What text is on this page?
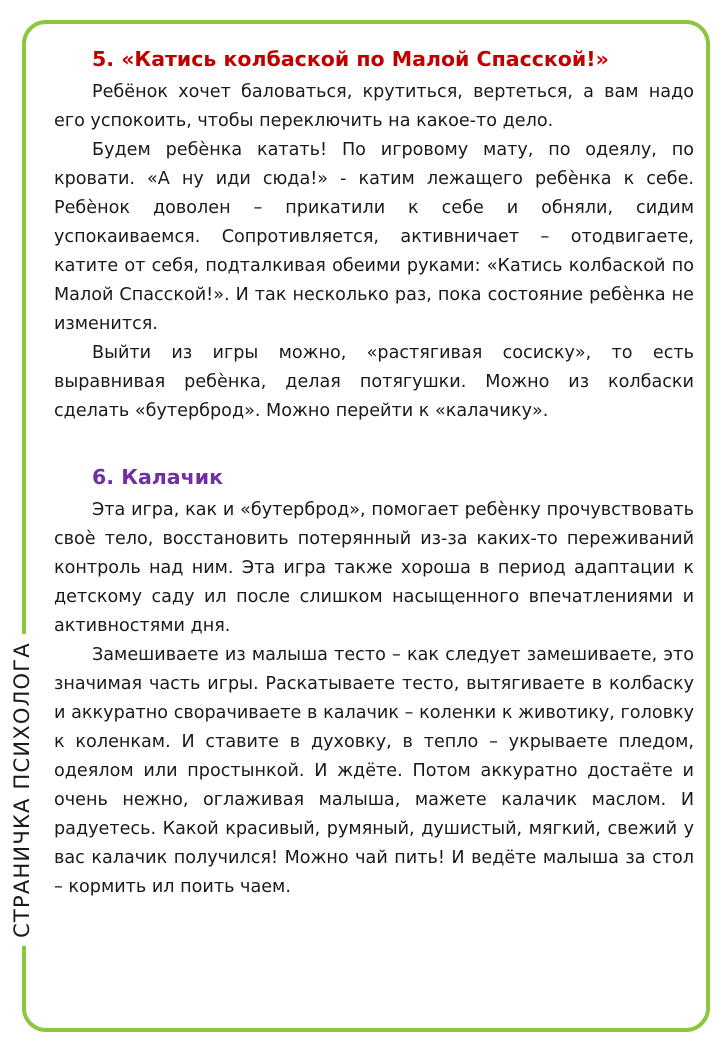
СТРАНИЧКА ПСИХОЛОГА
5. «Катись колбаской по Малой Спасской!»

Ребёнок хочет баловаться, крутиться, вертеться, а вам надо его успокоить, чтобы переключить на какое-то дело.

Будем ребѐнка катать! По игровому мату, по одеялу, по кровати. «А ну иди сюда!» - катим лежащего ребѐнка к себе. Ребѐнок доволен – прикатили к себе и обняли, сидим успокаиваемся. Сопротивляется, активничает – отодвигаете, катите от себя, подталкивая обеими руками: «Катись колбаской по Малой Спасской!». И так несколько раз, пока состояние ребѐнка не изменится.

Выйти из игры можно, «растягивая сосиску», то есть выравнивая ребѐнка, делая потягушки. Можно из колбаски сделать «бутерброд». Можно перейти к «калачику».

6. Калачик

Эта игра, как и «бутерброд», помогает ребѐнку прочувствовать своѐ тело, восстановить потерянный из-за каких-то переживаний контроль над ним. Эта игра также хороша в период адаптации к детскому саду ил после слишком насыщенного впечатлениями и активностями дня.

Замешиваете из малыша тесто – как следует замешиваете, это значимая часть игры. Раскатываете тесто, вытягиваете в колбаску и аккуратно сворачиваете в калачик – коленки к животику, головку к коленкам. И ставите в духовку, в тепло – укрываете пледом, одеялом или простынкой. И ждёте. Потом аккуратно достаёте и очень нежно, оглаживая малыша, мажете калачик маслом. И радуетесь. Какой красивый, румяный, душистый, мягкий, свежий у вас калачик получился! Можно чай пить! И ведёте малыша за стол – кормить ил поить чаем.
